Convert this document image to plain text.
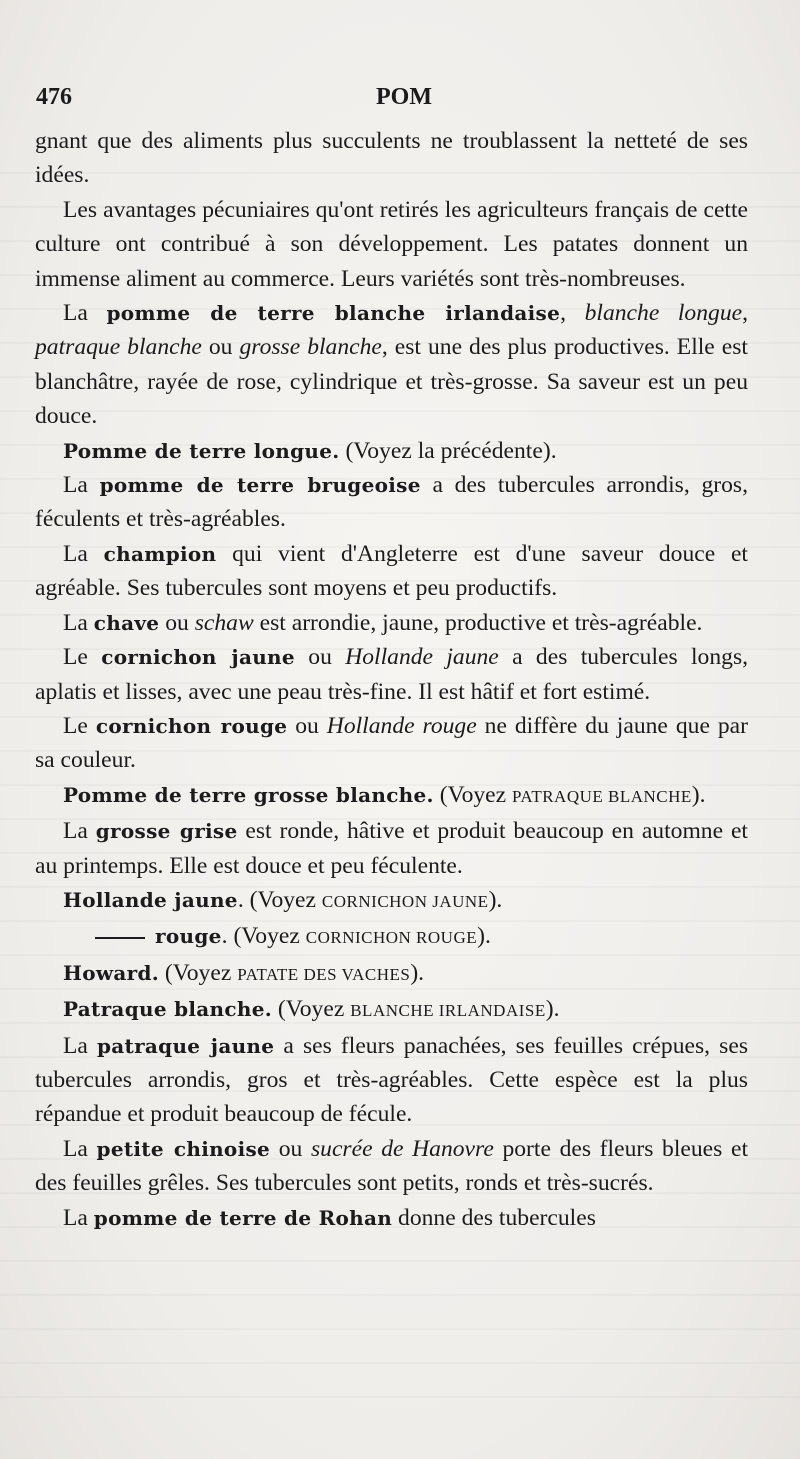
476	POM

gnant que des aliments plus succulents ne troublassent la netteté de ses idées.

Les avantages pécuniaires qu'ont retirés les agriculteurs français de cette culture ont contribué à son développement. Les patates donnent un immense aliment au commerce. Leurs variétés sont très-nombreuses.

La pomme de terre blanche irlandaise, blanche longue, patraque blanche ou grosse blanche, est une des plus productives. Elle est blanchâtre, rayée de rose, cylindrique et très-grosse. Sa saveur est un peu douce.

Pomme de terre longue. (Voyez la précédente).

La pomme de terre brugeoise a des tubercules arrondis, gros, féculents et très-agréables.

La champion qui vient d'Angleterre est d'une saveur douce et agréable. Ses tubercules sont moyens et peu productifs.

La chave ou schaw est arrondie, jaune, productive et très-agréable.

Le cornichon jaune ou Hollande jaune a des tubercules longs, aplatis et lisses, avec une peau très-fine. Il est hâtif et fort estimé.

Le cornichon rouge ou Hollande rouge ne diffère du jaune que par sa couleur.

Pomme de terre grosse blanche. (Voyez PATRAQUE BLANCHE).

La grosse grise est ronde, hâtive et produit beaucoup en automne et au printemps. Elle est douce et peu féculente.

Hollande jaune. (Voyez CORNICHON JAUNE).

rouge. (Voyez CORNICHON ROUGE).

Howard. (Voyez PATATE DES VACHES).

Patraque blanche. (Voyez BLANCHE IRLANDAISE).

La patraque jaune a ses fleurs panachées, ses feuilles crépues, ses tubercules arrondis, gros et très-agréables. Cette espèce est la plus répandue et produit beaucoup de fécule.

La petite chinoise ou sucrée de Hanovre porte des fleurs bleues et des feuilles grêles. Ses tubercules sont petits, ronds et très-sucrés.

La pomme de terre de Rohan donne des tubercules
